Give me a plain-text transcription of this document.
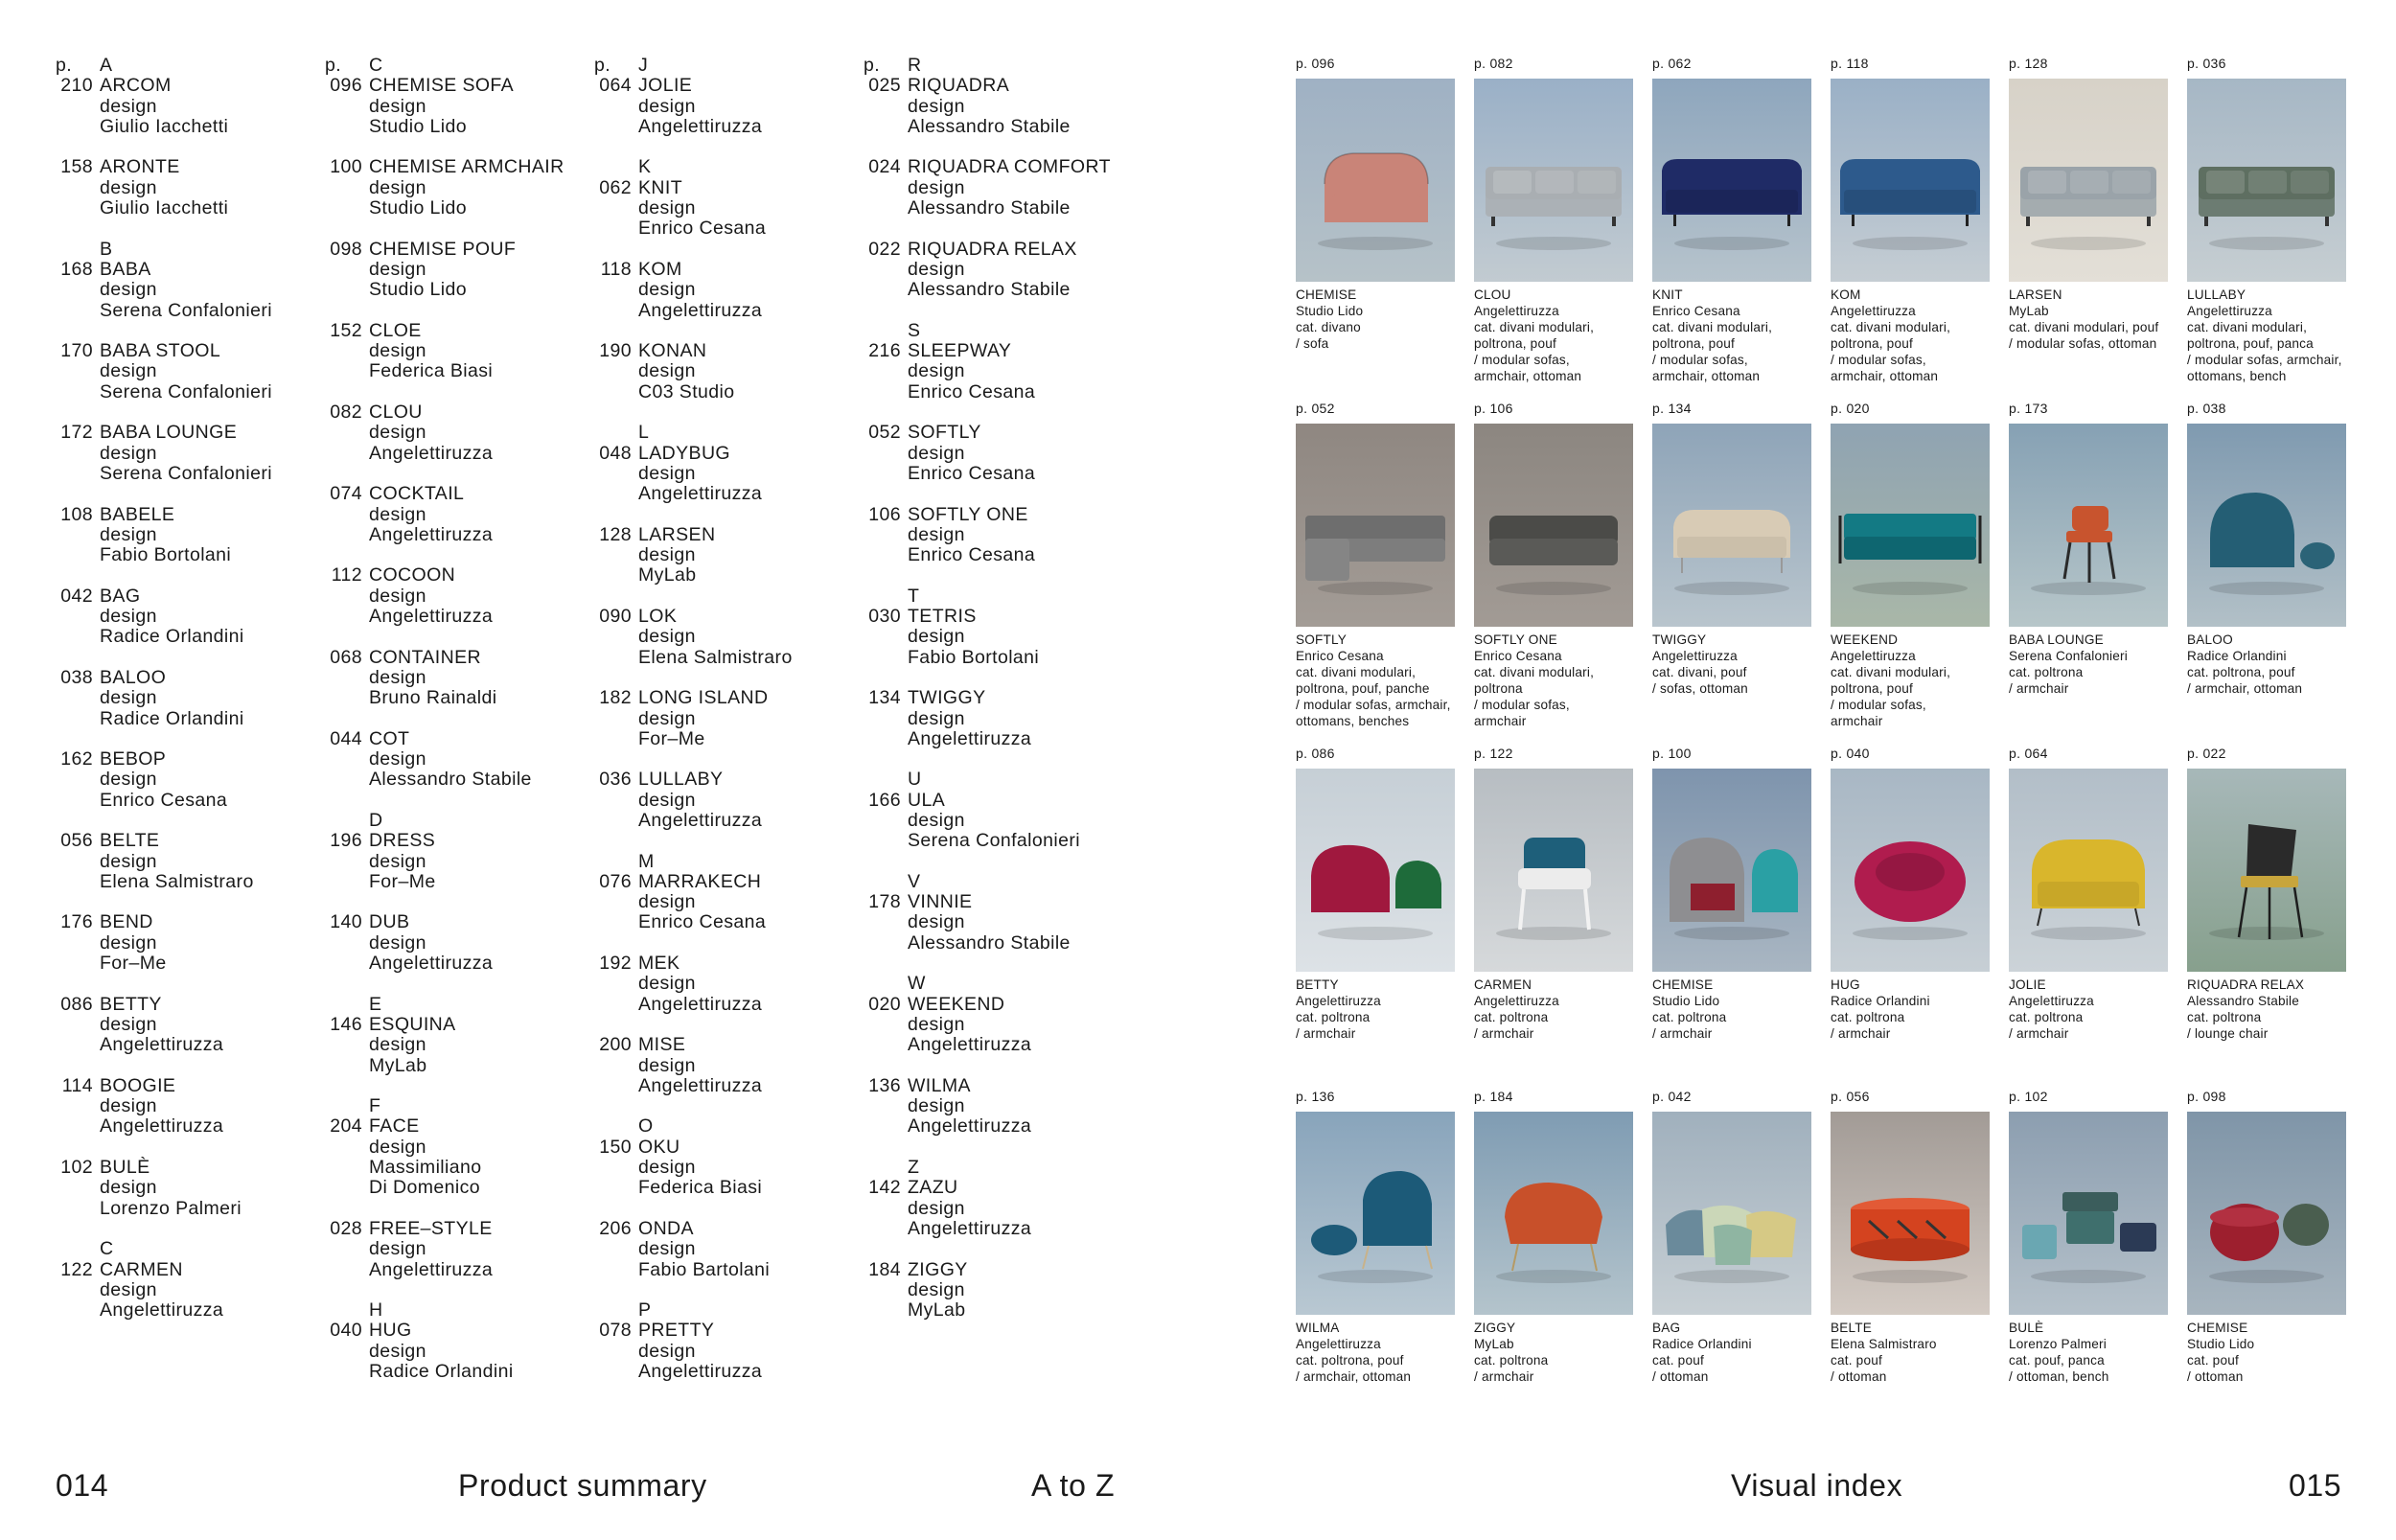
p.	A
210 ARCOM
design
Giulio Iacchetti
158 ARONTE
design
Giulio Iacchetti
B
168 BABA
design
Serena Confalonieri
170 BABA STOOL
design
Serena Confalonieri
172 BABA LOUNGE
design
Serena Confalonieri
108 BABELE
design
Fabio Bortolani
042 BAG
design
Radice Orlandini
038 BALOO
design
Radice Orlandini
162 BEBOP
design
Enrico Cesana
056 BELTE
design
Elena Salmistraro
176 BEND
design
For–Me
086 BETTY
design
Angelettiruzza
114 BOOGIE
design
Angelettiruzza
102 BULÈ
design
Lorenzo Palmeri
C
122 CARMEN
design
Angelettiruzza
p.	C
096 CHEMISE SOFA
design
Studio Lido
100 CHEMISE ARMCHAIR
design
Studio Lido
098 CHEMISE POUF
design
Studio Lido
152 CLOE
design
Federica Biasi
082 CLOU
design
Angelettiruzza
074 COCKTAIL
design
Angelettiruzza
112 COCOON
design
Angelettiruzza
068 CONTAINER
design
Bruno Rainaldi
044 COT
design
Alessandro Stabile
D
196 DRESS
design
For–Me
140 DUB
design
Angelettiruzza
E
146 ESQUINA
design
MyLab
F
204 FACE
design
Massimiliano
Di Domenico
028 FREE–STYLE
design
Angelettiruzza
H
040 HUG
design
Radice Orlandini
p.	J
064 JOLIE
design
Angelettiruzza
K
062 KNIT
design
Enrico Cesana
118 KOM
design
Angelettiruzza
190 KONAN
design
C03 Studio
L
048 LADYBUG
design
Angelettiruzza
128 LARSEN
design
MyLab
090 LOK
design
Elena Salmistraro
182 LONG ISLAND
design
For–Me
036 LULLABY
design
Angelettiruzza
M
076 MARRAKECH
design
Enrico Cesana
192 MEK
design
Angelettiruzza
200 MISE
design
Angelettiruzza
O
150 OKU
design
Federica Biasi
206 ONDA
design
Fabio Bartolani
P
078 PRETTY
design
Angelettiruzza
p.	R
025 RIQUADRA
design
Alessandro Stabile
024 RIQUADRA COMFORT
design
Alessandro Stabile
022 RIQUADRA RELAX
design
Alessandro Stabile
S
216 SLEEPWAY
design
Enrico Cesana
052 SOFTLY
design
Enrico Cesana
106 SOFTLY ONE
design
Enrico Cesana
T
030 TETRIS
design
Fabio Bortolani
134 TWIGGY
design
Angelettiruzza
U
166 ULA
design
Serena Confalonieri
V
178 VINNIE
design
Alessandro Stabile
W
020 WEEKEND
design
Angelettiruzza
136 WILMA
design
Angelettiruzza
Z
142 ZAZU
design
Angelettiruzza
184 ZIGGY
design
MyLab
p. 096
CHEMISE
Studio Lido
cat. divano
/ sofa
p. 082
CLOU
Angelettiruzza
cat. divani modulari,
poltrona, pouf
/ modular sofas,
armchair, ottoman
p. 062
KNIT
Enrico Cesana
cat. divani modulari,
poltrona, pouf
/ modular sofas,
armchair, ottoman
p. 118
KOM
Angelettiruzza
cat. divani modulari,
poltrona, pouf
/ modular sofas,
armchair, ottoman
p. 128
LARSEN
MyLab
cat. divani modulari, pouf
/ modular sofas, ottoman
p. 036
LULLABY
Angelettiruzza
cat. divani modulari,
poltrona, pouf, panca
/ modular sofas, armchair,
ottomans, bench
p. 052
SOFTLY
Enrico Cesana
cat. divani modulari,
poltrona, pouf, panche
/ modular sofas, armchair,
ottomans, benches
p. 106
SOFTLY ONE
Enrico Cesana
cat. divani modulari,
poltrona
/ modular sofas,
armchair
p. 134
TWIGGY
Angelettiruzza
cat. divani, pouf
/ sofas, ottoman
p. 020
WEEKEND
Angelettiruzza
cat. divani modulari,
poltrona, pouf
/ modular sofas,
armchair
p. 173
BABA LOUNGE
Serena Confalonieri
cat. poltrona
/ armchair
p. 038
BALOO
Radice Orlandini
cat. poltrona, pouf
/ armchair, ottoman
p. 086
BETTY
Angelettiruzza
cat. poltrona
/ armchair
p. 122
CARMEN
Angelettiruzza
cat. poltrona
/ armchair
p. 100
CHEMISE
Studio Lido
cat. poltrona
/ armchair
p. 040
HUG
Radice Orlandini
cat. poltrona
/ armchair
p. 064
JOLIE
Angelettiruzza
cat. poltrona
/ armchair
p. 022
RIQUADRA RELAX
Alessandro Stabile
cat. poltrona
/ lounge chair
p. 136
WILMA
Angelettiruzza
cat. poltrona, pouf
/ armchair, ottoman
p. 184
ZIGGY
MyLab
cat. poltrona
/ armchair
p. 042
BAG
Radice Orlandini
cat. pouf
/ ottoman
p. 056
BELTE
Elena Salmistraro
cat. pouf
/ ottoman
p. 102
BULÈ
Lorenzo Palmeri
cat. pouf, panca
/ ottoman, bench
p. 098
CHEMISE
Studio Lido
cat. pouf
/ ottoman
014	Product summary	A to Z	Visual index	015
